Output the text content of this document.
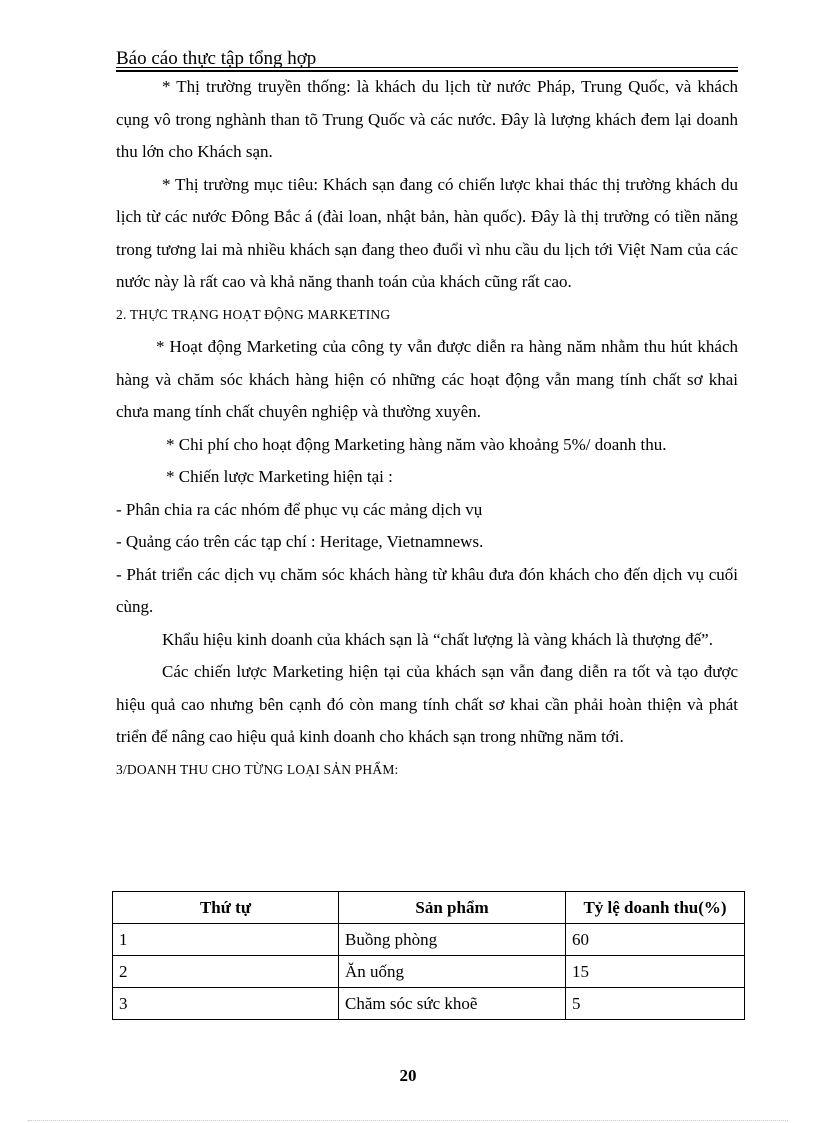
Báo cáo thực tập tổng hợp

* Thị trường truyền thống: là khách du lịch từ nước Pháp, Trung Quốc, và khách cụng vô trong nghành than tõ Trung Quốc và các nước. Đây là lượng khách đem lại doanh thu lớn cho Khách sạn.

* Thị trường mục tiêu: Khách sạn đang có chiến lược khai thác thị trường khách du lịch từ các nước Đông Bắc á (đài loan, nhật bản, hàn quốc). Đây là thị trường có tiền năng trong tương lai mà nhiều khách sạn đang theo đuổi vì nhu cầu du lịch tới Việt Nam của các nước này là rất cao và khả năng thanh toán của khách cũng rất cao.

2. THỰC TRẠNG HOẠT ĐỘNG MARKETING

* Hoạt động Marketing của công ty vẫn được diễn ra hàng năm nhằm thu hút khách hàng và chăm sóc khách hàng hiện có những các hoạt động vẫn mang tính chất sơ khai chưa mang tính chất chuyên nghiệp và thường xuyên.

* Chi phí cho hoạt động Marketing hàng năm vào khoảng 5%/ doanh thu.

* Chiến lược Marketing hiện tại :

- Phân chia ra các nhóm để phục vụ các mảng dịch vụ

- Quảng cáo trên các tạp chí : Heritage, Vietnamnews.

- Phát triển các dịch vụ chăm sóc khách hàng từ khâu đưa đón khách cho đến dịch vụ cuối cùng.

Khẩu hiệu kinh doanh của khách sạn là “chất lượng là vàng khách là thượng đế”.

Các chiến lược Marketing hiện tại của khách sạn vẫn đang diễn ra tốt và tạo được hiệu quả cao nhưng bên cạnh đó còn mang tính chất sơ khai cần phải hoàn thiện và phát triển để nâng cao hiệu quả kinh doanh cho khách sạn trong những năm tới.

3/DOANH THU CHO TỪNG LOẠI SẢN PHẨM:

Thứ tự	Sản phẩm	Tỷ lệ doanh thu(%)
1	Buồng phòng	60
2	Ăn uống	15
3	Chăm sóc sức khoẽ	5
20
